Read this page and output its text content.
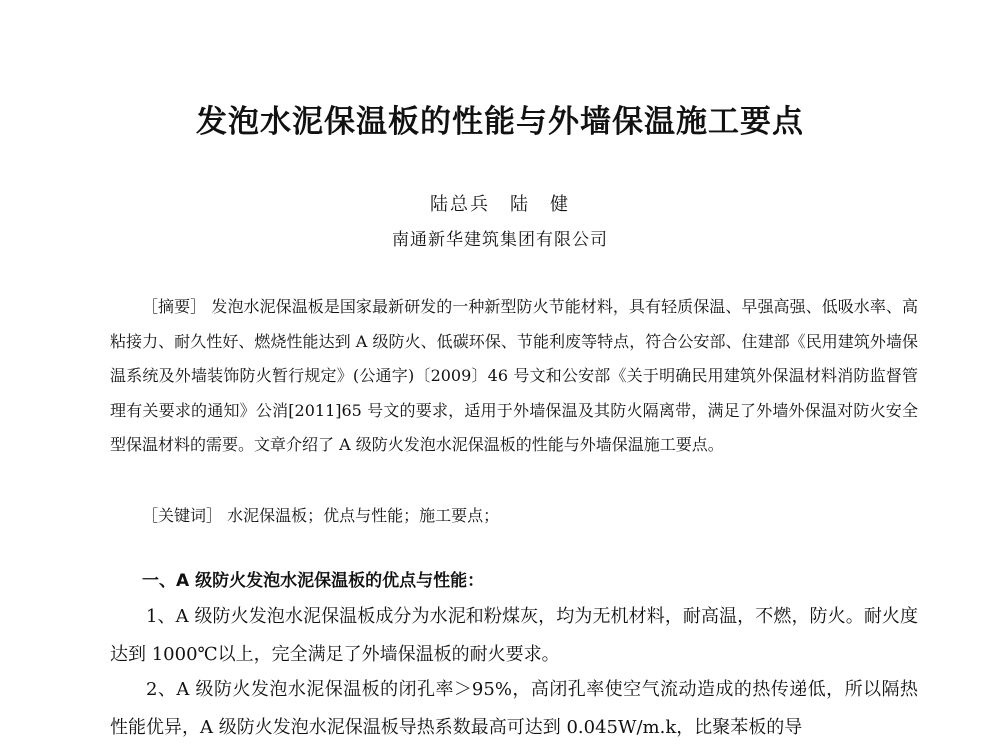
发泡水泥保温板的性能与外墙保温施工要点
陆总兵　陆　健
南通新华建筑集团有限公司

［摘要］ 发泡水泥保温板是国家最新研发的一种新型防火节能材料，具有轻质保温、早强高强、低吸水率、高粘接力、耐久性好、燃烧性能达到 A 级防火、低碳环保、节能利废等特点，符合公安部、住建部《民用建筑外墙保温系统及外墙装饰防火暂行规定》(公通字)〔2009〕46 号文和公安部《关于明确民用建筑外保温材料消防监督管理有关要求的通知》公消[2011]65 号文的要求，适用于外墙保温及其防火隔离带，满足了外墙外保温对防火安全型保温材料的需要。文章介绍了 A 级防火发泡水泥保温板的性能与外墙保温施工要点。

［关键词］ 水泥保温板；优点与性能；施工要点；

一、A 级防火发泡水泥保温板的优点与性能：

1、A 级防火发泡水泥保温板成分为水泥和粉煤灰，均为无机材料，耐高温，不燃，防火。耐火度达到 1000℃以上，完全满足了外墙保温板的耐火要求。

2、A 级防火发泡水泥保温板的闭孔率＞95%，高闭孔率使空气流动造成的热传递低，所以隔热性能优异，A 级防火发泡水泥保温板导热系数最高可达到 0.045W/m.k，比聚苯板的导
